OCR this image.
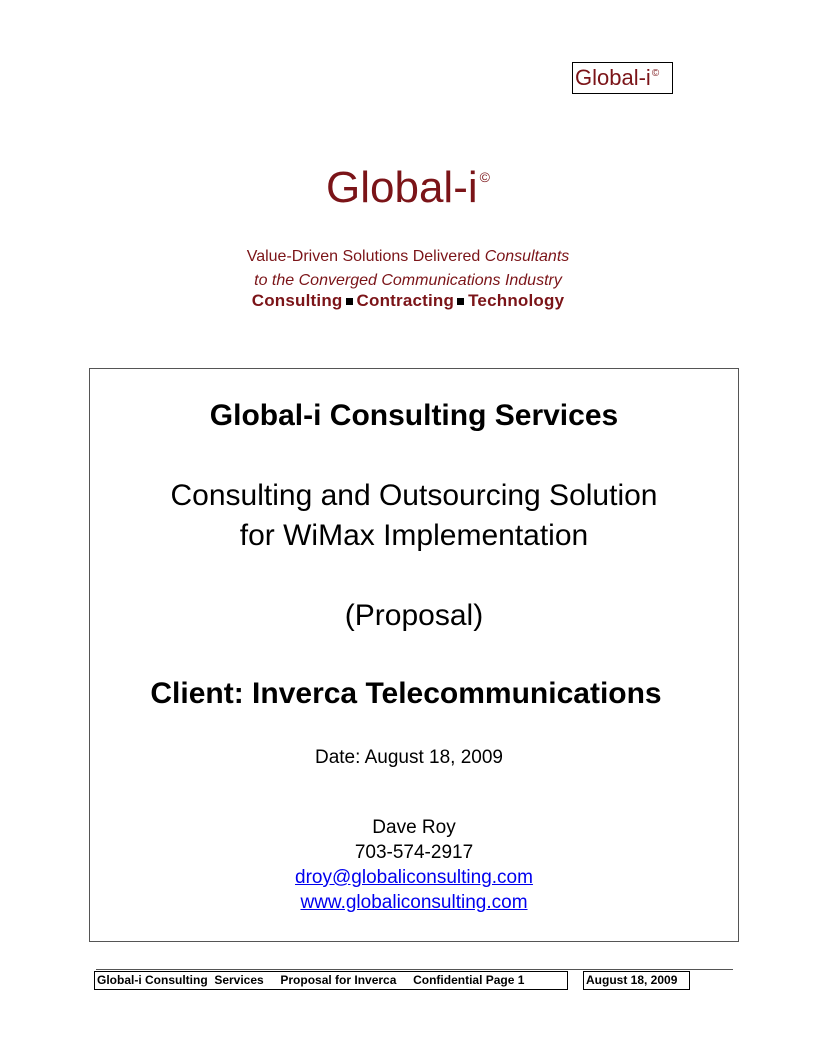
Global-i©
Global-i ©
Value-Driven Solutions Delivered Consultants
to the Converged Communications Industry
Consulting Contracting Technology
Global-i Consulting Services
Consulting and Outsourcing Solution
for WiMax Implementation
(Proposal)
Client: Inverca Telecommunications
Date: August 18, 2009
Dave Roy
703-574-2917
droy@globaliconsulting.com
www.globaliconsulting.com
Global-i Consulting  Services     Proposal for Inverca     Confidential Page 1	August 18, 2009
